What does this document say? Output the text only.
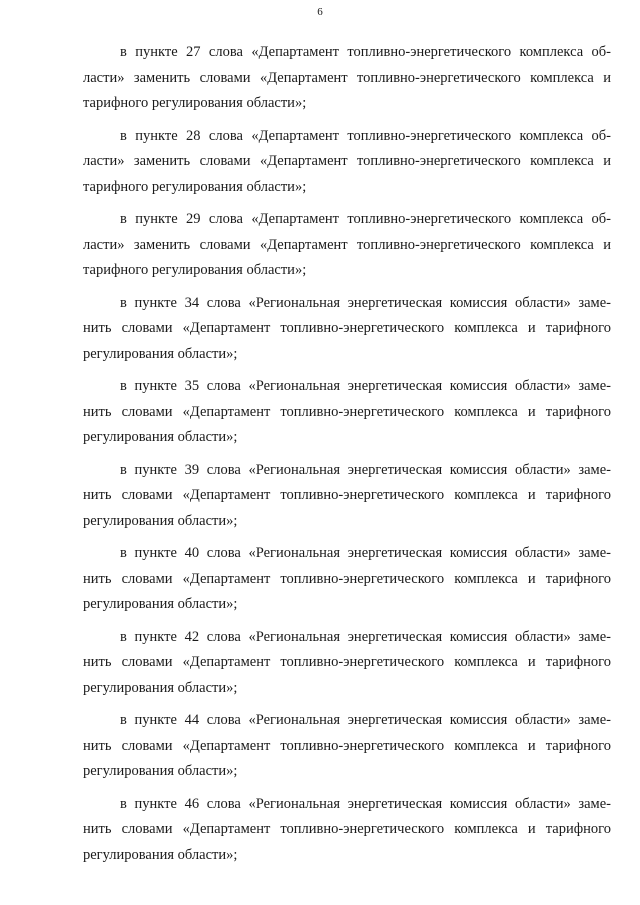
6

в пункте 27 слова «Департамент топливно-энергетического комплекса об-
ласти» заменить словами «Департамент топливно-энергетического комплекса и
тарифного регулирования области»;

в пункте 28 слова «Департамент топливно-энергетического комплекса об-
ласти» заменить словами «Департамент топливно-энергетического комплекса и
тарифного регулирования области»;

в пункте 29 слова «Департамент топливно-энергетического комплекса об-
ласти» заменить словами «Департамент топливно-энергетического комплекса и
тарифного регулирования области»;

в пункте 34 слова «Региональная энергетическая комиссия области» заме-
нить словами «Департамент топливно-энергетического комплекса и тарифного
регулирования области»;

в пункте 35 слова «Региональная энергетическая комиссия области» заме-
нить словами «Департамент топливно-энергетического комплекса и тарифного
регулирования области»;

в пункте 39 слова «Региональная энергетическая комиссия области» заме-
нить словами «Департамент топливно-энергетического комплекса и тарифного
регулирования области»;

в пункте 40 слова «Региональная энергетическая комиссия области» заме-
нить словами «Департамент топливно-энергетического комплекса и тарифного
регулирования области»;

в пункте 42 слова «Региональная энергетическая комиссия области» заме-
нить словами «Департамент топливно-энергетического комплекса и тарифного
регулирования области»;

в пункте 44 слова «Региональная энергетическая комиссия области» заме-
нить словами «Департамент топливно-энергетического комплекса и тарифного
регулирования области»;

в пункте 46 слова «Региональная энергетическая комиссия области» заме-
нить словами «Департамент топливно-энергетического комплекса и тарифного
регулирования области»;
